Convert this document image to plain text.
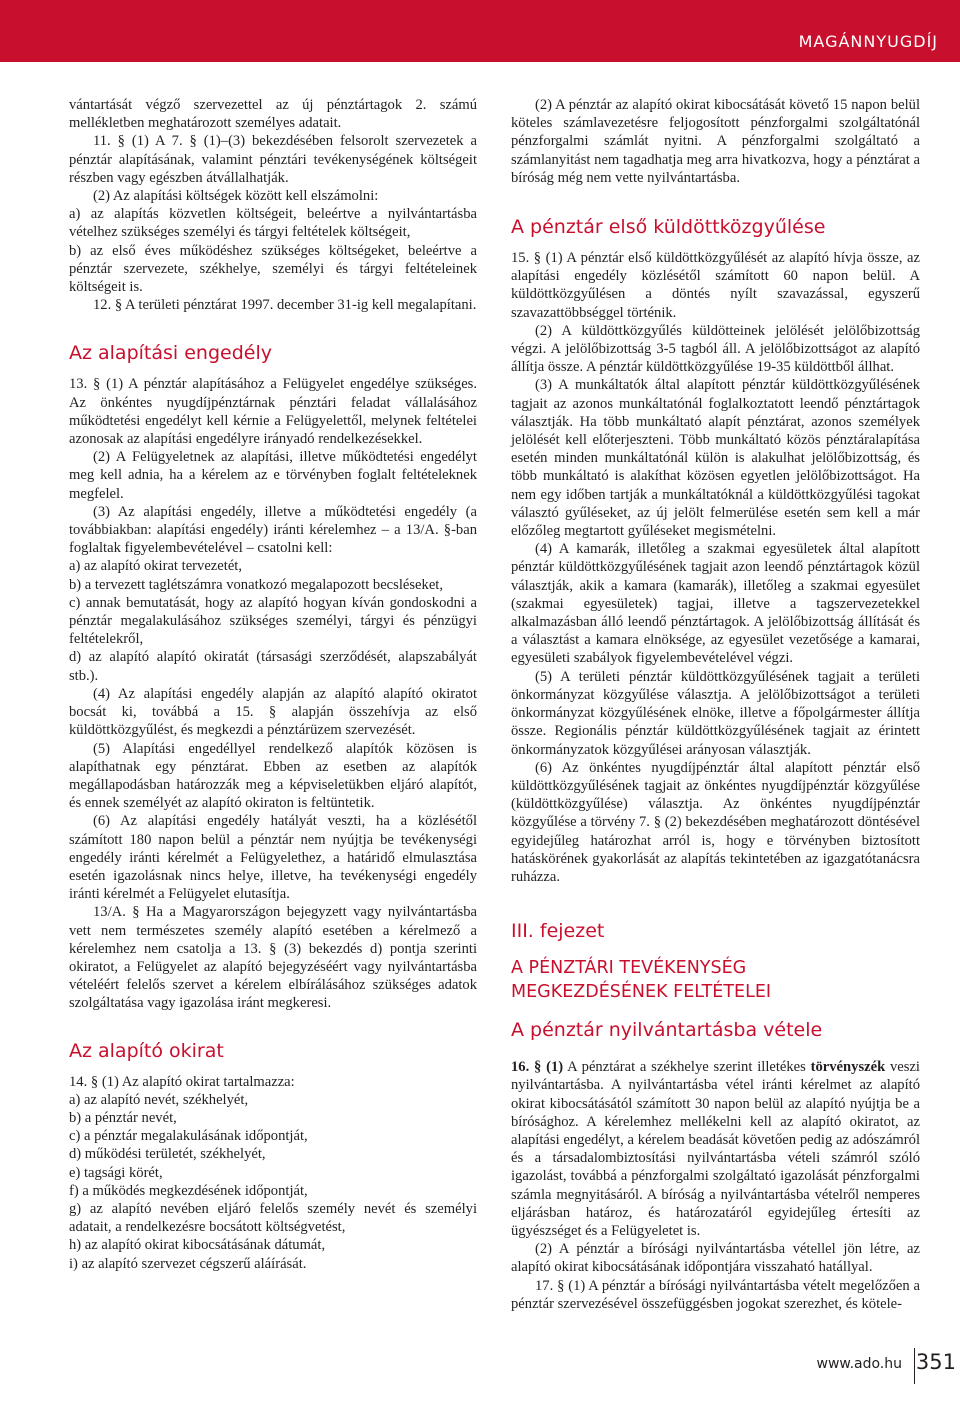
MAGÁNNYUGDÍJ

vántartását végző szervezettel az új pénztártagok 2. számú mellékletben meghatározott személyes adatait.

11. § (1) A 7. § (1)–(3) bekezdésében felsorolt szervezetek a pénztár alapításának, valamint pénztári tevékenységének költségeit részben vagy egészben átvállalhatják.

(2) Az alapítási költségek között kell elszámolni:

a) az alapítás közvetlen költségeit, beleértve a nyilvántartásba vételhez szükséges személyi és tárgyi feltételek költségeit,

b) az első éves működéshez szükséges költségeket, beleértve a pénztár szervezete, székhelye, személyi és tárgyi feltételeinek költségeit is.

12. § A területi pénztárat 1997. december 31-ig kell megalapítani.

Az alapítási engedély

13. § (1) A pénztár alapításához a Felügyelet engedélye szükséges. Az önkéntes nyugdíjpénztárnak pénztári feladat vállalásához működtetési engedélyt kell kérnie a Felügyelettől, melynek feltételei azonosak az alapítási engedélyre irányadó rendelkezésekkel.

(2) A Felügyeletnek az alapítási, illetve működtetési engedélyt meg kell adnia, ha a kérelem az e törvényben foglalt feltételeknek megfelel.

(3) Az alapítási engedély, illetve a működtetési engedély (a továbbiakban: alapítási engedély) iránti kérelemhez – a 13/A. §-ban foglaltak figyelembevételével – csatolni kell:

a) az alapító okirat tervezetét,

b) a tervezett taglétszámra vonatkozó megalapozott becsléseket,

c) annak bemutatását, hogy az alapító hogyan kíván gondoskodni a pénztár megalakulásához szükséges személyi, tárgyi és pénzügyi feltételekről,

d) az alapító alapító okiratát (társasági szerződését, alapszabályát stb.).

(4) Az alapítási engedély alapján az alapító alapító okiratot bocsát ki, továbbá a 15. § alapján összehívja az első küldöttközgyűlést, és megkezdi a pénztárüzem szervezését.

(5) Alapítási engedéllyel rendelkező alapítók közösen is alapíthatnak egy pénztárat. Ebben az esetben az alapítók megállapodásban határozzák meg a képviseletükben eljáró alapítót, és ennek személyét az alapító okiraton is feltüntetik.

(6) Az alapítási engedély hatályát veszti, ha a közlésétől számított 180 napon belül a pénztár nem nyújtja be tevékenységi engedély iránti kérelmét a Felügyelethez, a határidő elmulasztása esetén igazolásnak nincs helye, illetve, ha tevékenységi engedély iránti kérelmét a Felügyelet elutasítja.

13/A. § Ha a Magyarországon bejegyzett vagy nyilvántartásba vett nem természetes személy alapító esetében a kérelmező a kérelemhez nem csatolja a 13. § (3) bekezdés d) pontja szerinti okiratot, a Felügyelet az alapító bejegyzéséért vagy nyilvántartásba vételéért felelős szervet a kérelem elbírálásához szükséges adatok szolgáltatása vagy igazolása iránt megkeresi.

Az alapító okirat

14. § (1) Az alapító okirat tartalmazza:

a) az alapító nevét, székhelyét,

b) a pénztár nevét,

c) a pénztár megalakulásának időpontját,

d) működési területét, székhelyét,

e) tagsági körét,

f) a működés megkezdésének időpontját,

g) az alapító nevében eljáró felelős személy nevét és személyi adatait, a rendelkezésre bocsátott költségvetést,

h) az alapító okirat kibocsátásának dátumát,

i) az alapító szervezet cégszerű aláírását.

(2) A pénztár az alapító okirat kibocsátását követő 15 napon belül köteles számlavezetésre feljogosított pénzforgalmi szolgáltatónál pénzforgalmi számlát nyitni. A pénzforgalmi szolgáltató a számlanyitást nem tagadhatja meg arra hivatkozva, hogy a pénztárat a bíróság még nem vette nyilvántartásba.

A pénztár első küldöttközgyűlése

15. § (1) A pénztár első küldöttközgyűlését az alapító hívja össze, az alapítási engedély közlésétől számított 60 napon belül. A küldöttközgyűlésen a döntés nyílt szavazással, egyszerű szavazattöbbséggel történik.

(2) A küldöttközgyűlés küldötteinek jelölését jelölőbizottság végzi. A jelölőbizottság 3-5 tagból áll. A jelölőbizottságot az alapító állítja össze. A pénztár küldöttközgyűlése 19-35 küldöttből állhat.

(3) A munkáltatók által alapított pénztár küldöttközgyűlésének tagjait az azonos munkáltatónál foglalkoztatott leendő pénztártagok választják. Ha több munkáltató alapít pénztárat, azonos személyek jelölését kell előterjeszteni. Több munkáltató közös pénztáralapítása esetén minden munkáltatónál külön is alakulhat jelölőbizottság, és több munkáltató is alakíthat közösen egyetlen jelölőbizottságot. Ha nem egy időben tartják a munkáltatóknál a küldöttközgyűlési tagokat választó gyűléseket, az új jelölt felmerülése esetén sem kell a már előzőleg megtartott gyűléseket megismételni.

(4) A kamarák, illetőleg a szakmai egyesületek által alapított pénztár küldöttközgyűlésének tagjait azon leendő pénztártagok közül választják, akik a kamara (kamarák), illetőleg a szakmai egyesület (szakmai egyesületek) tagjai, illetve a tagszervezetekkel alkalmazásban álló leendő pénztártagok. A jelölőbizottság állítását és a választást a kamara elnöksége, az egyesület vezetősége a kamarai, egyesületi szabályok figyelembevételével végzi.

(5) A területi pénztár küldöttközgyűlésének tagjait a területi önkormányzat közgyűlése választja. A jelölőbizottságot a területi önkormányzat közgyűlésének elnöke, illetve a főpolgármester állítja össze. Regionális pénztár küldöttközgyűlésének tagjait az érintett önkormányzatok közgyűlései arányosan választják.

(6) Az önkéntes nyugdíjpénztár által alapított pénztár első küldöttközgyűlésének tagjait az önkéntes nyugdíjpénztár közgyűlése (küldöttközgyűlése) választja. Az önkéntes nyugdíjpénztár közgyűlése a törvény 7. § (2) bekezdésében meghatározott döntésével egyidejűleg határozhat arról is, hogy e törvényben biztosított hatáskörének gyakorlását az alapítás tekintetében az igazgatótanácsra ruházza.

III. fejezet
A PÉNZTÁRI TEVÉKENYSÉG
MEGKEZDÉSÉNEK FELTÉTELEI
A pénztár nyilvántartásba vétele

16. § (1) A pénztárat a székhelye szerint illetékes törvényszék veszi nyilvántartásba. A nyilvántartásba vétel iránti kérelmet az alapító okirat kibocsátásától számított 30 napon belül az alapító nyújtja be a bírósághoz. A kérelemhez mellékelni kell az alapító okiratot, az alapítási engedélyt, a kérelem beadását követően pedig az adószámról és a társadalombiztosítási nyilvántartásba vételi számról szóló igazolást, továbbá a pénzforgalmi szolgáltató igazolását pénzforgalmi számla megnyitásáról. A bíróság a nyilvántartásba vételről nemperes eljárásban határoz, és határozatáról egyidejűleg értesíti az ügyészséget és a Felügyeletet is.

(2) A pénztár a bírósági nyilvántartásba vétellel jön létre, az alapító okirat kibocsátásának időpontjára visszaható hatállyal.

17. § (1) A pénztár a bírósági nyilvántartásba vételt megelőzően a pénztár szervezésével összefüggésben jogokat szerezhet, és kötele-

www.ado.hu 351
